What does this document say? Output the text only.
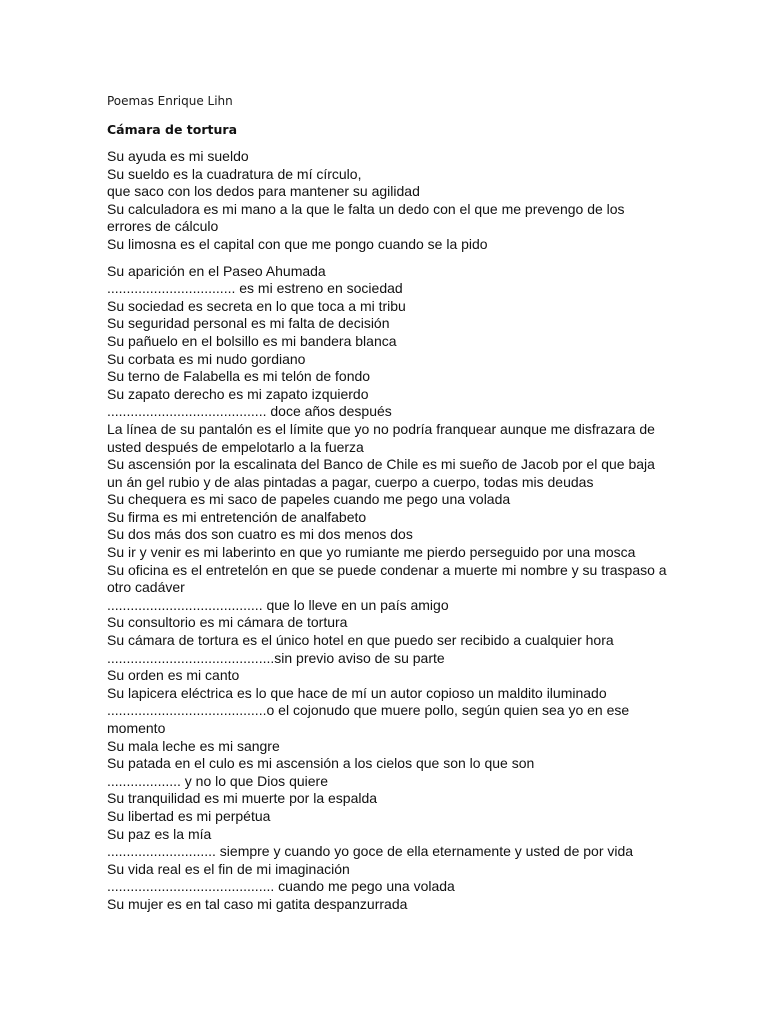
Poemas Enrique Lihn
Cámara de tortura
Su ayuda es mi sueldo
Su sueldo es la cuadratura de mí círculo,
que saco con los dedos para mantener su agilidad
Su calculadora es mi mano a la que le falta un dedo con el que me prevengo de los
errores de cálculo
Su limosna es el capital con que me pongo cuando se la pido
Su aparición en el Paseo Ahumada
................................. es mi estreno en sociedad
Su sociedad es secreta en lo que toca a mi tribu
Su seguridad personal es mi falta de decisión
Su pañuelo en el bolsillo es mi bandera blanca
Su corbata es mi nudo gordiano
Su terno de Falabella es mi telón de fondo
Su zapato derecho es mi zapato izquierdo
......................................... doce años después
La línea de su pantalón es el límite que yo no podría franquear aunque me disfrazara de
usted después de empelotarlo a la fuerza
Su ascensión por la escalinata del Banco de Chile es mi sueño de Jacob por el que baja
un án gel rubio y de alas pintadas a pagar, cuerpo a cuerpo, todas mis deudas
Su chequera es mi saco de papeles cuando me pego una volada
Su firma es mi entretención de analfabeto
Su dos más dos son cuatro es mi dos menos dos
Su ir y venir es mi laberinto en que yo rumiante me pierdo perseguido por una mosca
Su oficina es el entretelón en que se puede condenar a muerte mi nombre y su traspaso a
otro cadáver
........................................ que lo lleve en un país amigo
Su consultorio es mi cámara de tortura
Su cámara de tortura es el único hotel en que puedo ser recibido a cualquier hora
...........................................sin previo aviso de su parte
Su orden es mi canto
Su lapicera eléctrica es lo que hace de mí un autor copioso un maldito iluminado
.........................................o el cojonudo que muere pollo, según quien sea yo en ese
momento
Su mala leche es mi sangre
Su patada en el culo es mi ascensión a los cielos que son lo que son
................... y no lo que Dios quiere
Su tranquilidad es mi muerte por la espalda
Su libertad es mi perpétua
Su paz es la mía
............................ siempre y cuando yo goce de ella eternamente y usted de por vida
Su vida real es el fin de mi imaginación
........................................... cuando me pego una volada
Su mujer es en tal caso mi gatita despanzurrada
